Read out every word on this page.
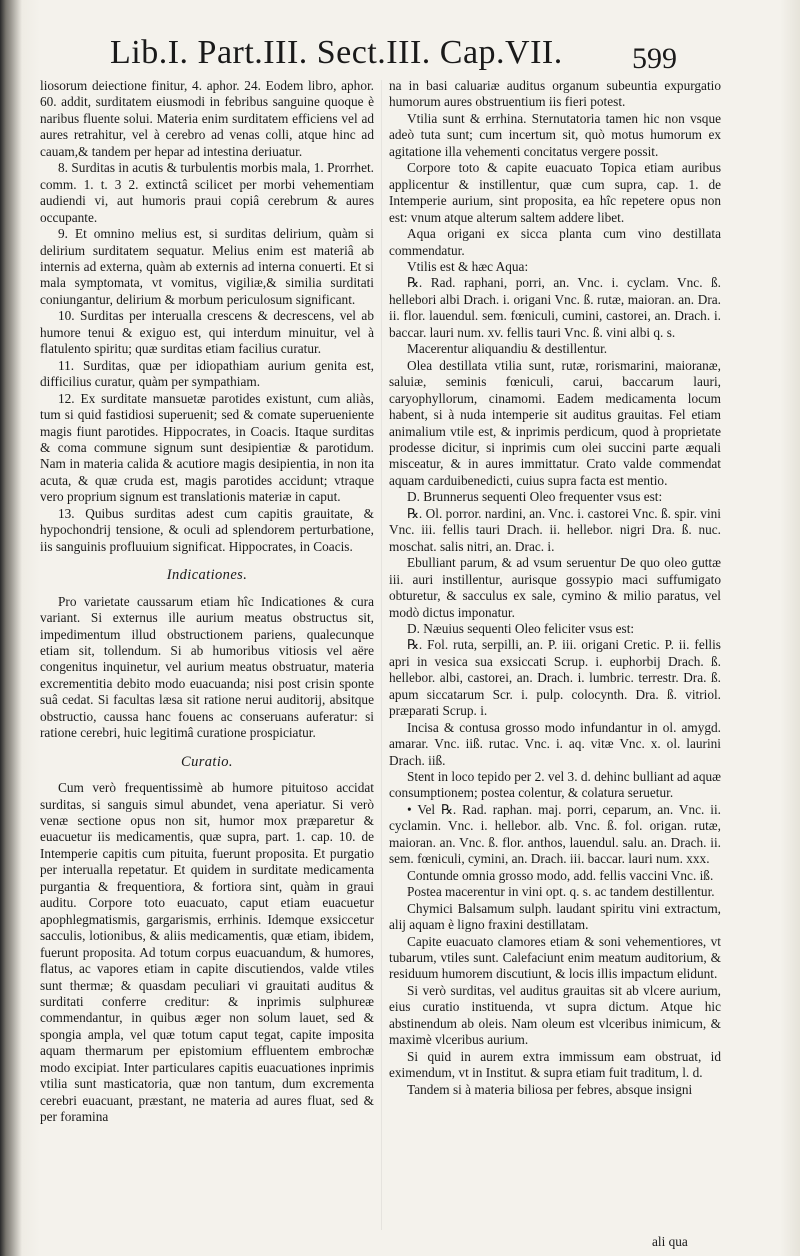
Lib.I. Part.III. Sect.III. Cap.VII.	599

liosorum deiectione finitur, 4. aphor. 24. Eodem libro, aphor. 60. addit, surditatem eiusmodi in febribus sanguine quoque è naribus fluente solui. Materia enim surditatem efficiens vel ad aures retrahitur, vel à cerebro ad venas colli, atque hinc ad cauam,& tandem per hepar ad intestina deriuatur.

8. Surditas in acutis & turbulentis morbis mala, 1. Prorrhet. comm. 1. t. 3 2. extinctâ scilicet per morbi vehementiam audiendi vi, aut humoris praui copiâ cerebrum & aures occupante.

9. Et omnino melius est, si surditas delirium, quàm si delirium surditatem sequatur. Melius enim est materiâ ab internis ad externa, quàm ab externis ad interna conuerti. Et si mala symptomata, vt vomitus, vigiliæ,& similia surditati coniungantur, delirium & morbum periculosum significant.

10. Surditas per interualla crescens & decrescens, vel ab humore tenui & exiguo est, qui interdum minuitur, vel à flatulento spiritu; quæ surditas etiam facilius curatur.

11. Surditas, quæ per idiopathiam aurium genita est, difficilius curatur, quàm per sympathiam.

12. Ex surditate mansuetæ parotides existunt, cum aliàs, tum si quid fastidiosi superuenit; sed & comate superueniente magis fiunt parotides. Hippocrates, in Coacis. Itaque surditas & coma commune signum sunt desipientiæ & parotidum. Nam in materia calida & acutiore magis desipientia, in non ita acuta, & quæ cruda est, magis parotides accidunt; vtraque vero proprium signum est translationis materiæ in caput.

13. Quibus surditas adest cum capitis grauitate, & hypochondrij tensione, & oculi ad splendorem perturbatione, iis sanguinis profluuium significat. Hippocrates, in Coacis.

Indicationes.

Pro varietate caussarum etiam hîc Indicationes & cura variant. Si externus ille aurium meatus obstructus sit, impedimentum illud obstructionem pariens, qualecunque etiam sit, tollendum. Si ab humoribus vitiosis vel aëre congenitus inquinetur, vel aurium meatus obstruatur, materia excrementitia debito modo euacuanda; nisi post crisin sponte suâ cedat. Si facultas læsa sit ratione nerui auditorij, absitque obstructio, caussa hanc fouens ac conseruans auferatur: si ratione cerebri, huic legitimâ curatione prospiciatur.

Curatio.

Cum verò frequentissimè ab humore pituitoso accidat surditas, si sanguis simul abundet, vena aperiatur. Si verò venæ sectione opus non sit, humor mox præparetur & euacuetur iis medicamentis, quæ supra, part. 1. cap. 10. de Intemperie capitis cum pituita, fuerunt proposita. Et purgatio per interualla repetatur. Et quidem in surditate medicamenta purgantia & frequentiora, & fortiora sint, quàm in graui auditu. Corpore toto euacuato, caput etiam euacuetur apophlegmatismis, gargarismis, errhinis. Idemque exsiccetur sacculis, lotionibus, & aliis medicamentis, quæ etiam, ibidem, fuerunt proposita. Ad totum corpus euacuandum, & humores, flatus, ac vapores etiam in capite discutiendos, valde vtiles sunt thermæ; & quasdam peculiari vi grauitati auditus & surditati conferre creditur: & inprimis sulphureæ commendantur, in quibus æger non solum lauet, sed & spongia ampla, vel quæ totum caput tegat, capite imposita aquam thermarum per epistomium effluentem embrochæ modo excipiat. Inter particulares capitis euacuationes inprimis vtilia sunt masticatoria, quæ non tantum, dum excrementa cerebri euacuant, præstant, ne materia ad aures fluat, sed & per foramina

na in basi caluariæ auditus organum subeuntia expurgatio humorum aures obstruentium iis fieri potest.

Vtilia sunt & errhina. Sternutatoria tamen hic non vsque adeò tuta sunt; cum incertum sit, quò motus humorum ex agitatione illa vehementi concitatus vergere possit.

Corpore toto & capite euacuato Topica etiam auribus applicentur & instillentur, quæ cum supra, cap. 1. de Intemperie aurium, sint proposita, ea hîc repetere opus non est: vnum atque alterum saltem addere libet.

Aqua origani ex sicca planta cum vino destillata commendatur.

Vtilis est & hæc Aqua:

℞. Rad. raphani, porri, an. Vnc. i. cyclam. Vnc. ß. hellebori albi Drach. i. origani Vnc. ß. rutæ, maioran. an. Dra. ii. flor. lauendul. sem. fœniculi, cumini, castorei, an. Drach. i. baccar. lauri num. xv. fellis tauri Vnc. ß. vini albi q. s.

Macerentur aliquandiu & destillentur.

Olea destillata vtilia sunt, rutæ, rorismarini, maioranæ, saluiæ, seminis fœniculi, carui, baccarum lauri, caryophyllorum, cinamomi. Eadem medicamenta locum habent, si à nuda intemperie sit auditus grauitas. Fel etiam animalium vtile est, & inprimis perdicum, quod à proprietate prodesse dicitur, si inprimis cum olei succini parte æquali misceatur, & in aures immittatur. Crato valde commendat aquam carduibenedicti, cuius supra facta est mentio.

D. Brunnerus sequenti Oleo frequenter vsus est:

℞. Ol. porror. nardini, an. Vnc. i. castorei Vnc. ß. spir. vini Vnc. iii. fellis tauri Drach. ii. hellebor. nigri Dra. ß. nuc. moschat. salis nitri, an. Drac. i.

Ebulliant parum, & ad vsum seruentur De quo oleo guttæ iii. auri instillentur, aurisque gossypio maci suffumigato obturetur, & sacculus ex sale, cymino & milio paratus, vel modò dictus imponatur.

D. Næuius sequenti Oleo feliciter vsus est:

℞. Fol. ruta, serpilli, an. P. iii. origani Cretic. P. ii. fellis apri in vesica sua exsiccati Scrup. i. euphorbij Drach. ß. hellebor. albi, castorei, an. Drach. i. lumbric. terrestr. Dra. ß. apum siccatarum Scr. i. pulp. colocynth. Dra. ß. vitriol. præparati Scrup. i.

Incisa & contusa grosso modo infundantur in ol. amygd. amarar. Vnc. iiß. rutac. Vnc. i. aq. vitæ Vnc. x. ol. laurini Drach. iiß.

Stent in loco tepido per 2. vel 3. d. dehinc bulliant ad aquæ consumptionem; postea colentur, & colatura seruetur.

• Vel ℞. Rad. raphan. maj. porri, ceparum, an. Vnc. ii. cyclamin. Vnc. i. hellebor. alb. Vnc. ß. fol. origan. rutæ, maioran. an. Vnc. ß. flor. anthos, lauendul. salu. an. Drach. ii. sem. fœniculi, cymini, an. Drach. iii. baccar. lauri num. xxx.

Contunde omnia grosso modo, add. fellis vaccini Vnc. iß.

Postea macerentur in vini opt. q. s. ac tandem destillentur.

Chymici Balsamum sulph. laudant spiritu vini extractum, alij aquam è ligno fraxini destillatam.

Capite euacuato clamores etiam & soni vehementiores, vt tubarum, vtiles sunt. Calefaciunt enim meatum auditorium, & residuum humorem discutiunt, & locis illis impactum elidunt.

Si verò surditas, vel auditus grauitas sit ab vlcere aurium, eius curatio instituenda, vt supra dictum. Atque hic abstinendum ab oleis. Nam oleum est vlceribus inimicum, & maximè vlceribus aurium.

Si quid in aurem extra immissum eam obstruat, id eximendum, vt in Institut. & supra etiam fuit traditum, l. d.

Tandem si à materia biliosa per febres, absque insigni

ali qua
